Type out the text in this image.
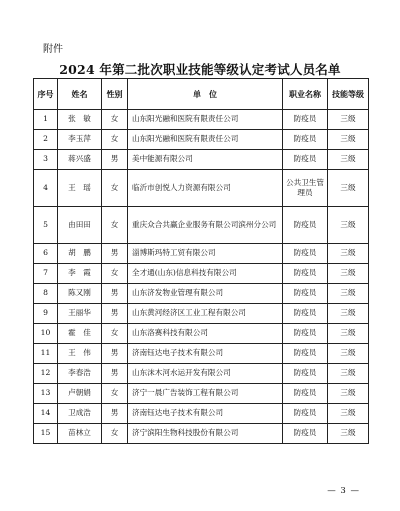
附件
2024 年第二批次职业技能等级认定考试人员名单
序号	姓名	性别	单　位	职业名称	技能等级
1	张　敏	女	山东阳光融和医院有限责任公司	防疫员	三级
2	李玉萍	女	山东阳光融和医院有限责任公司	防疫员	三级
3	蒋兴盛	男	美中能源有限公司	防疫员	三级
4	王　瑶	女	临沂市创悦人力资源有限公司	公共卫生管理员	三级
5	由田田	女	重庆众合共赢企业服务有限公司滨州分公司	防疫员	三级
6	胡　鹏	男	淄博斯玛特工贸有限公司	防疫员	三级
7	李　霞	女	全才通(山东)信息科技有限公司	防疫员	三级
8	陈又刚	男	山东济发物业管理有限公司	防疫员	三级
9	王丽华	男	山东黄河经济区工业工程有限公司	防疫员	三级
10	霍　佳	女	山东洛赛科技有限公司	防疫员	三级
11	王　伟	男	济南钰达电子技术有限公司	防疫员	三级
12	李春浩	男	山东沫木河水运开发有限公司	防疫员	三级
13	卢朝娟	女	济宁一晨广告装饰工程有限公司	防疫员	三级
14	卫成浩	男	济南钰达电子技术有限公司	防疫员	三级
15	苗林立	女	济宁滨阳生物科技股份有限公司	防疫员	三级
— 3 —
